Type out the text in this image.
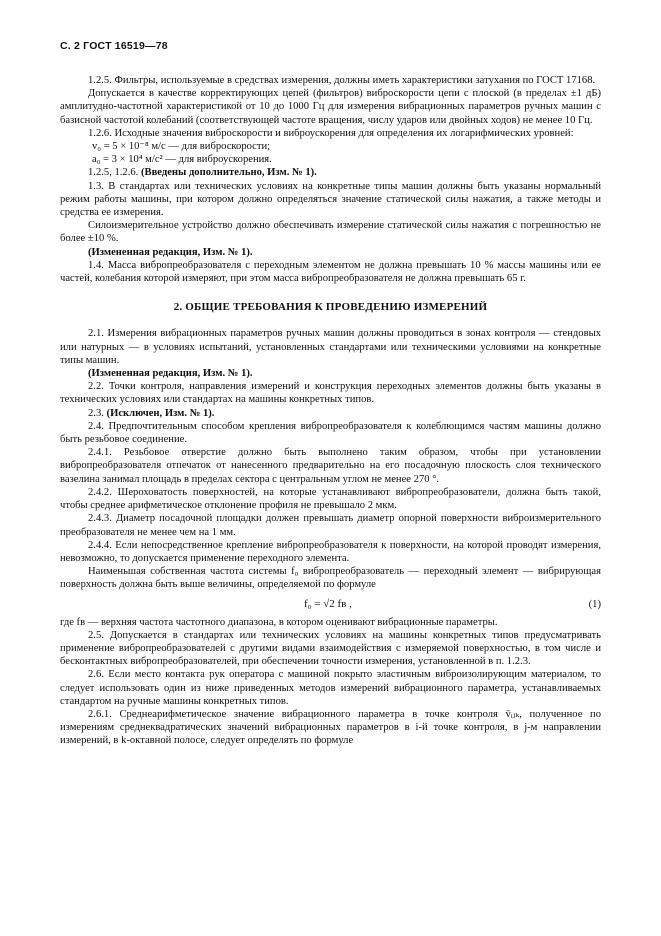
С. 2 ГОСТ 16519—78

1.2.5. Фильтры, используемые в средствах измерения, должны иметь характеристики затухания по ГОСТ 17168.

Допускается в качестве корректирующих цепей (фильтров) виброскорости цепи с плоской (в пределах ±1 дБ) амплитудно-частотной характеристикой от 10 до 1000 Гц для измерения вибрационных параметров ручных машин с базисной частотой колебаний (соответствующей частоте вращения, числу ударов или двойных ходов) не менее 10 Гц.

1.2.6. Исходные значения виброскорости и виброускорения для определения их логарифмических уровней:

v₀ = 5 × 10⁻⁸ м/с — для виброскорости;

a₀ = 3 × 10⁴ м/с² — для виброускорения.

1.2.5, 1.2.6. (Введены дополнительно, Изм. № 1).

1.3. В стандартах или технических условиях на конкретные типы машин должны быть указаны нормальный режим работы машины, при котором должно определяться значение статической силы нажатия, а также методы и средства ее измерения.

Силоизмерительное устройство должно обеспечивать измерение статической силы нажатия с погрешностью не более ±10 %.

(Измененная редакция, Изм. № 1).

1.4. Масса вибропреобразователя с переходным элементом не должна превышать 10 % массы машины или ее частей, колебания которой измеряют, при этом масса вибропреобразователя не должна превышать 65 г.

2. ОБЩИЕ ТРЕБОВАНИЯ К ПРОВЕДЕНИЮ ИЗМЕРЕНИЙ

2.1. Измерения вибрационных параметров ручных машин должны проводиться в зонах контроля — стендовых или натурных — в условиях испытаний, установленных стандартами или техническими условиями на конкретные типы машин.

(Измененная редакция, Изм. № 1).

2.2. Точки контроля, направления измерений и конструкция переходных элементов должны быть указаны в технических условиях или стандартах на машины конкретных типов.

2.3. (Исключен, Изм. № 1).

2.4. Предпочтительным способом крепления вибропреобразователя к колеблющимся частям машины должно быть резьбовое соединение.

2.4.1. Резьбовое отверстие должно быть выполнено таким образом, чтобы при установлении вибропреобразователя отпечаток от нанесенного предварительно на его посадочную плоскость слоя технического вазелина занимал площадь в пределах сектора с центральным углом не менее 270 °.

2.4.2. Шероховатость поверхностей, на которые устанавливают вибропреобразователи, должна быть такой, чтобы среднее арифметическое отклонение профиля не превышало 2 мкм.

2.4.3. Диаметр посадочной площадки должен превышать диаметр опорной поверхности виброизмерительного преобразователя не менее чем на 1 мм.

2.4.4. Если непосредственное крепление вибропреобразователя к поверхности, на которой проводят измерения, невозможно, то допускается применение переходного элемента.

Наименьшая собственная частота системы f₀ вибропреобразователь — переходный элемент — вибрирующая поверхность должна быть выше величины, определяемой по формуле

f₀ = √2 fв ,	(1)

где fв — верхняя частота частотного диапазона, в котором оценивают вибрационные параметры.

2.5. Допускается в стандартах или технических условиях на машины конкретных типов предусматривать применение вибропреобразователей с другими видами взаимодействия с измеряемой поверхностью, в том числе и бесконтактных вибропреобразователей, при обеспечении точности измерения, установленной в п. 1.2.3.

2.6. Если место контакта рук оператора с машиной покрыто эластичным виброизолирующим материалом, то следует использовать один из ниже приведенных методов измерений вибрационного параметра, устанавливаемых стандартом на ручные машины конкретных типов.

2.6.1. Среднеарифметическое значение вибрационного параметра в точке контроля v̄ᵢⱼₖ, полученное по измерениям среднеквадратических значений вибрационных параметров в i-й точке контроля, в j-м направлении измерений, в k-октавной полосе, следует определять по формуле
